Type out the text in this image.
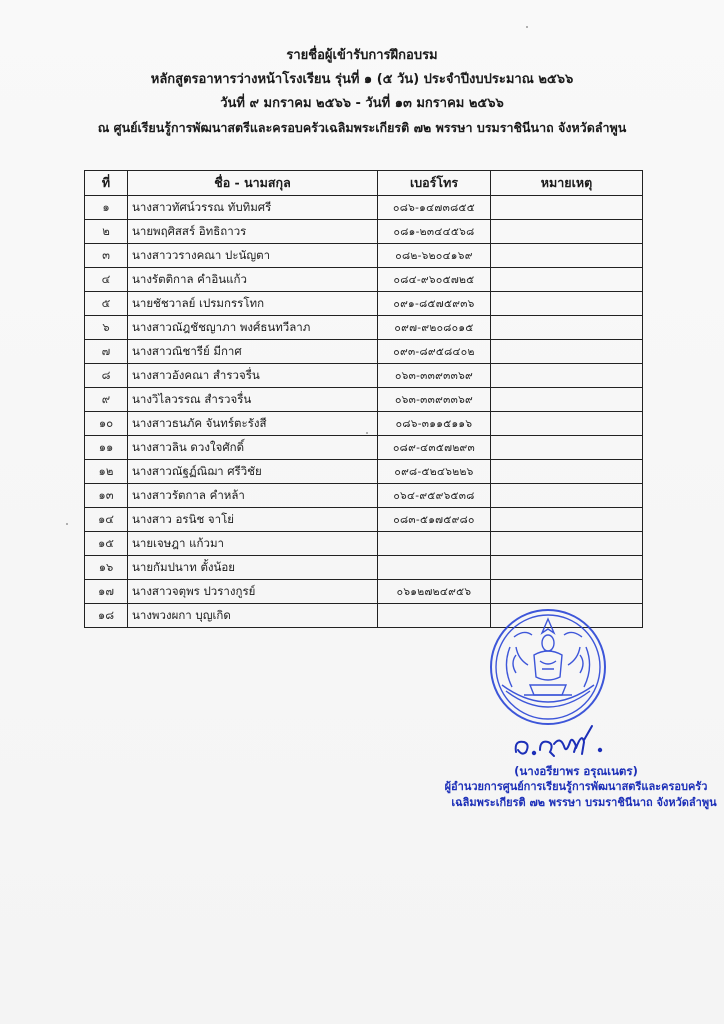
รายชื่อผู้เข้ารับการฝึกอบรม
หลักสูตรอาหารว่างหน้าโรงเรียน รุ่นที่ ๑ (๕ วัน) ประจำปีงบประมาณ ๒๕๖๖
วันที่ ๙ มกราคม ๒๕๖๖ - วันที่ ๑๓ มกราคม ๒๕๖๖
ณ ศูนย์เรียนรู้การพัฒนาสตรีและครอบครัวเฉลิมพระเกียรติ ๗๒ พรรษา บรมราชินีนาถ จังหวัดลำพูน
ที่	ชื่อ - นามสกุล	เบอร์โทร	หมายเหตุ
๑	นางสาวทัศน์วรรณ ทับทิมศรี	๐๘๖-๑๔๗๓๘๕๕	
๒	นายพฤศิสสร์ อิทธิถาวร	๐๘๑-๒๓๔๔๕๖๘	
๓	นางสาววรางคณา ปะนัญตา	๐๘๒-๖๒๐๔๑๖๙	
๔	นางรัตติกาล คำอินแก้ว	๐๘๔-๙๖๐๕๗๒๕	
๕	นายชัชวาลย์ เปรมกรรโทก	๐๙๑-๘๕๗๕๙๓๖	
๖	นางสาวณัฎชัชญาภา พงศ์ธนทวีลาภ	๐๙๗-๙๒๐๘๐๑๕	
๗	นางสาวณิชารีย์ มีกาศ	๐๙๓-๘๙๕๘๔๐๒	
๘	นางสาวอังคณา สำรวจรื่น	๐๖๓-๓๓๙๓๓๖๙	
๙	นางวิไลวรรณ สำรวจรื่น	๐๖๓-๓๓๙๓๓๖๙	
๑๐	นางสาวธนภัค จันทร์ตะรังสี	๐๘๖-๓๑๑๕๑๑๖	
๑๑	นางสาวลิน ดวงใจศักดิ์	๐๘๙-๔๓๕๗๒๙๓	
๑๒	นางสาวณัฐฏ์ณิฌา ศรีวิชัย	๐๙๘-๕๒๔๖๒๒๖	
๑๓	นางสาวรัตกาล คำหล้า	๐๖๔-๙๕๙๖๕๓๘	
๑๔	นางสาว อรนิช จาโย่	๐๘๓-๕๑๗๕๙๘๐	
๑๕	นายเจษฎา แก้วมา		
๑๖	นายกัมปนาท ตั้งน้อย		
๑๗	นางสาวจตุพร ปวรางกูรย์	๐๖๑๒๗๒๔๙๕๖	
๑๘	นางพวงผกา บุญเกิด		
(นางอรียาพร อรุณเนตร)
ผู้อำนวยการศูนย์การเรียนรู้การพัฒนาสตรีและครอบครัว
เฉลิมพระเกียรติ ๗๒ พรรษา บรมราชินีนาถ จังหวัดลำพูน
